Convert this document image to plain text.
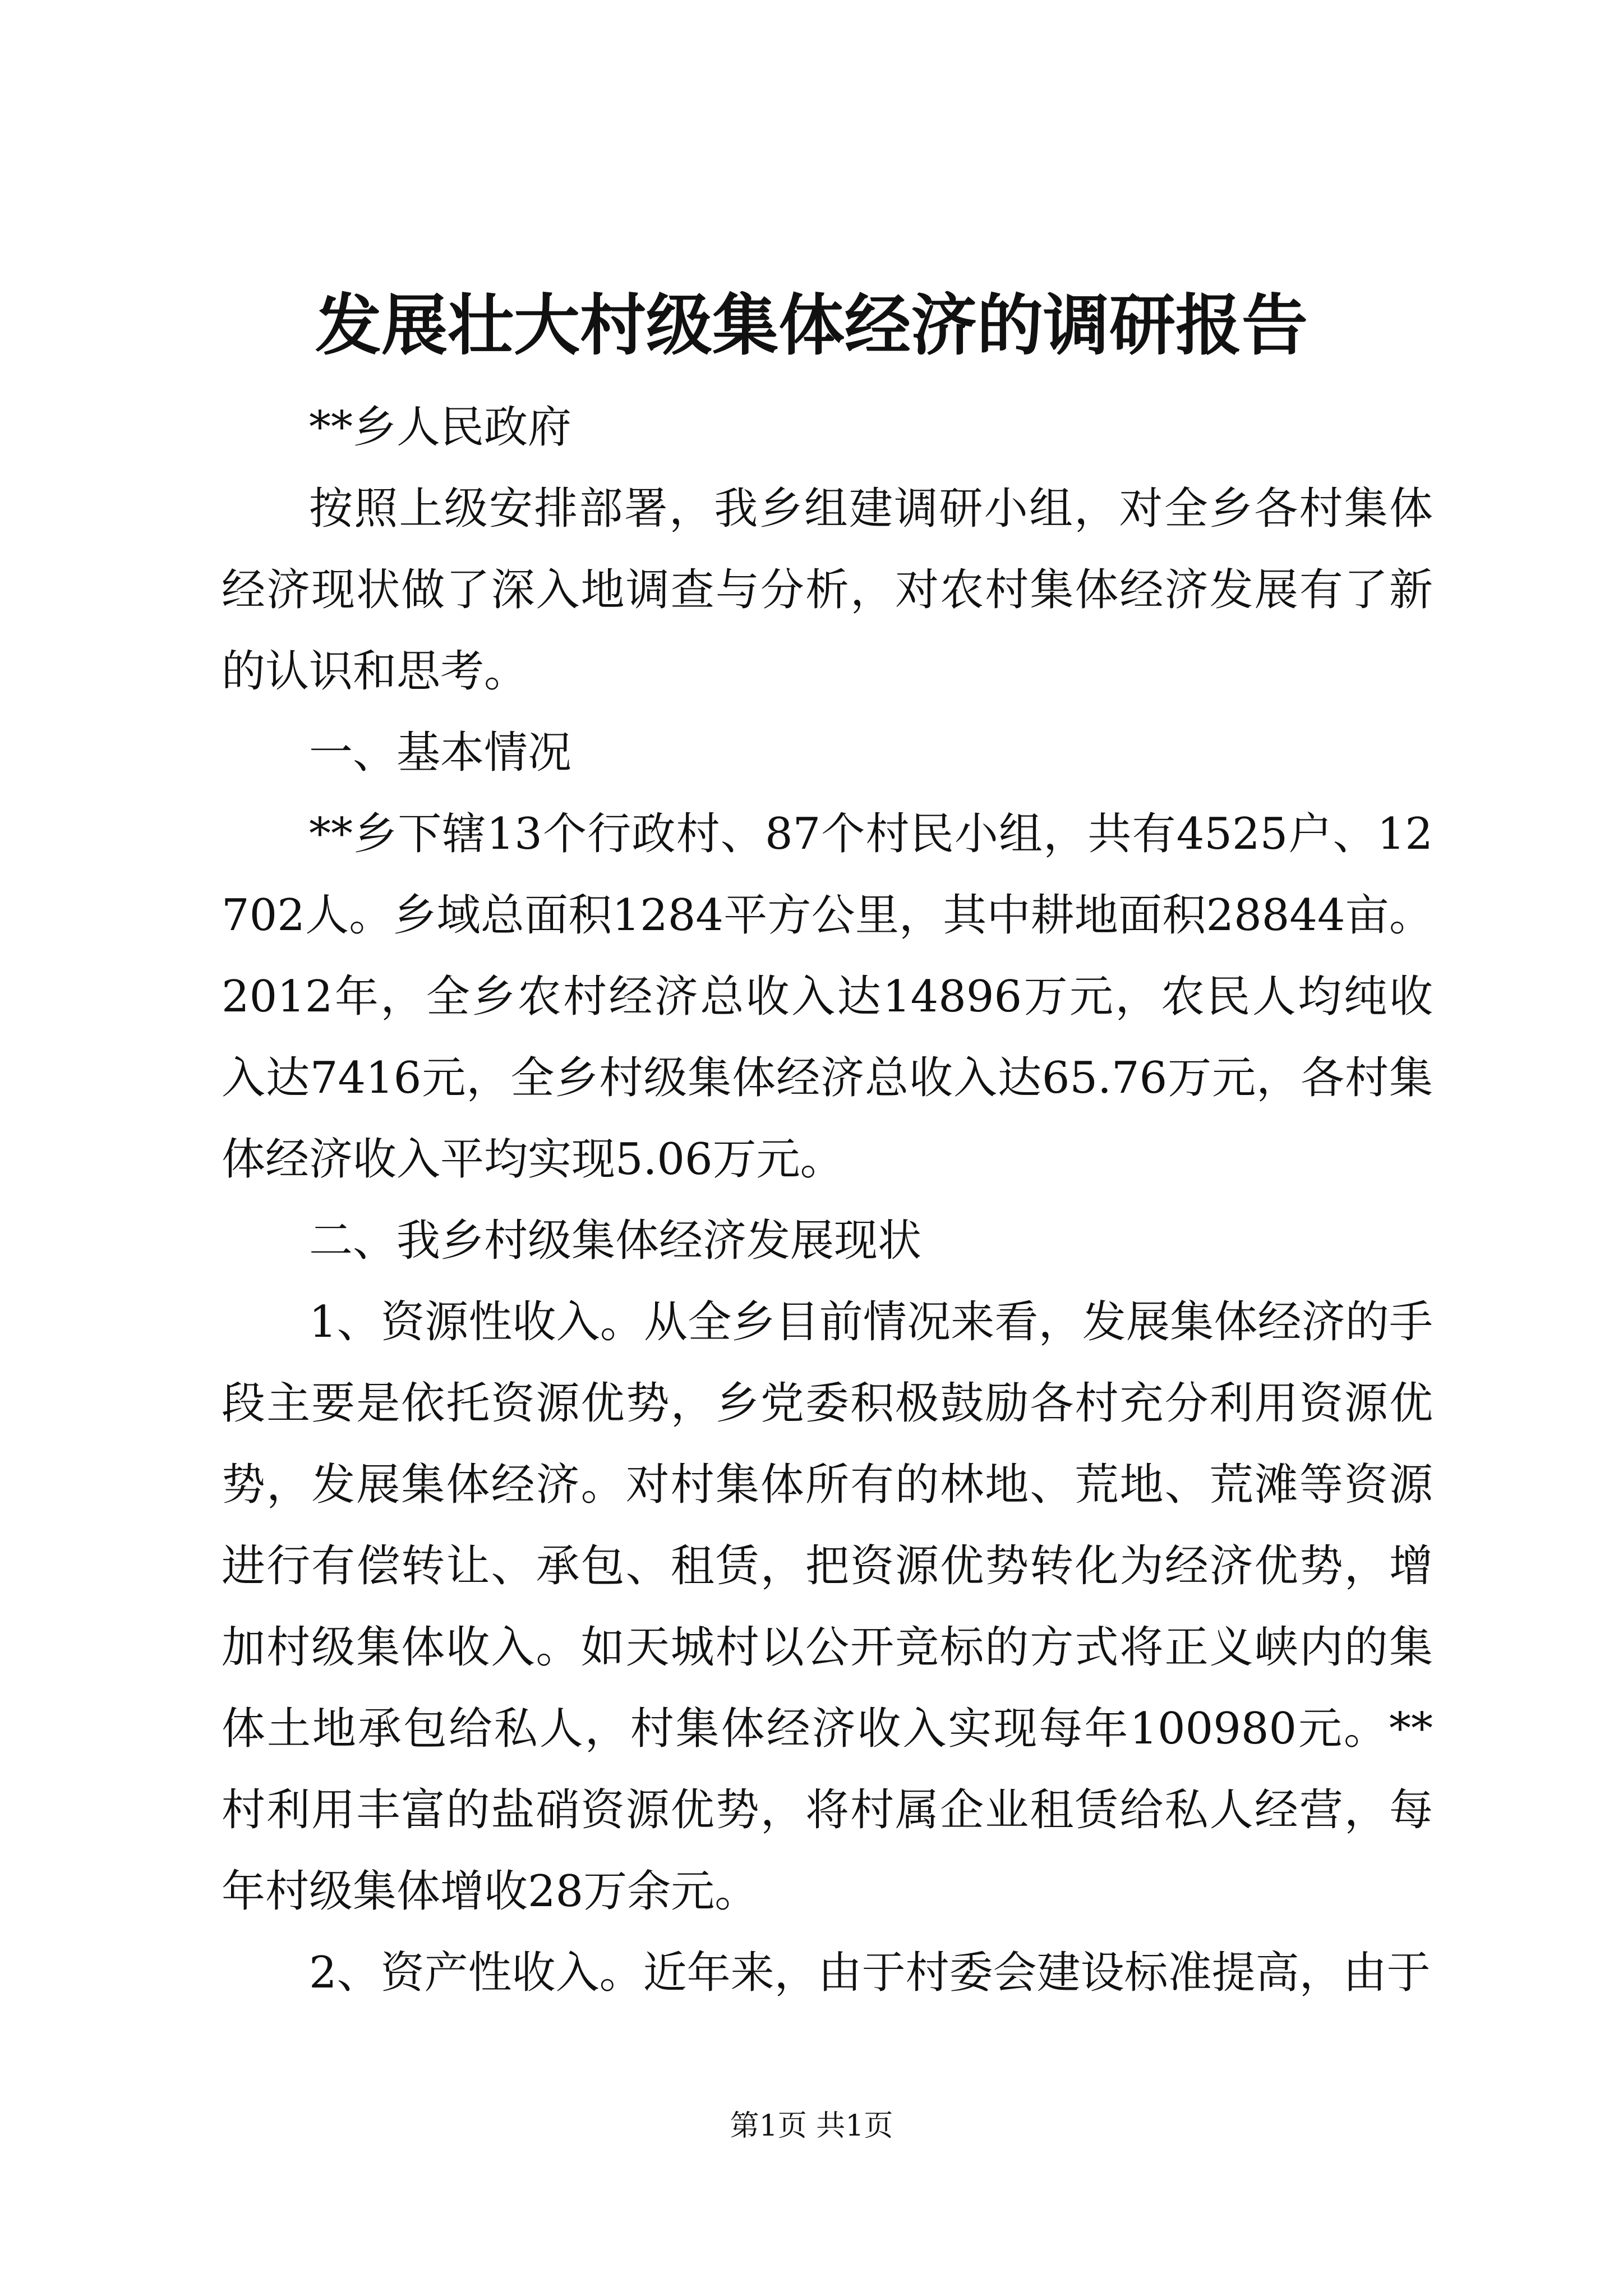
发展壮大村级集体经济的调研报告

**乡人民政府

按照上级安排部署，我乡组建调研小组，对全乡各村集体经济现状做了深入地调查与分析，对农村集体经济发展有了新的认识和思考。

一、基本情况

**乡下辖13个行政村、87个村民小组，共有4525户、12702人。乡域总面积1284平方公里，其中耕地面积28844亩。2012年，全乡农村经济总收入达14896万元，农民人均纯收入达7416元，全乡村级集体经济总收入达65.76万元，各村集体经济收入平均实现5.06万元。

二、我乡村级集体经济发展现状

1、资源性收入。从全乡目前情况来看，发展集体经济的手段主要是依托资源优势，乡党委积极鼓励各村充分利用资源优势，发展集体经济。对村集体所有的林地、荒地、荒滩等资源进行有偿转让、承包、租赁，把资源优势转化为经济优势，增加村级集体收入。如天城村以公开竞标的方式将正义峡内的集体土地承包给私人，村集体经济收入实现每年100980元。**村利用丰富的盐硝资源优势，将村属企业租赁给私人经营，每年村级集体增收28万余元。

2、资产性收入。近年来，由于村委会建设标准提高，由于

第1页 共1页
